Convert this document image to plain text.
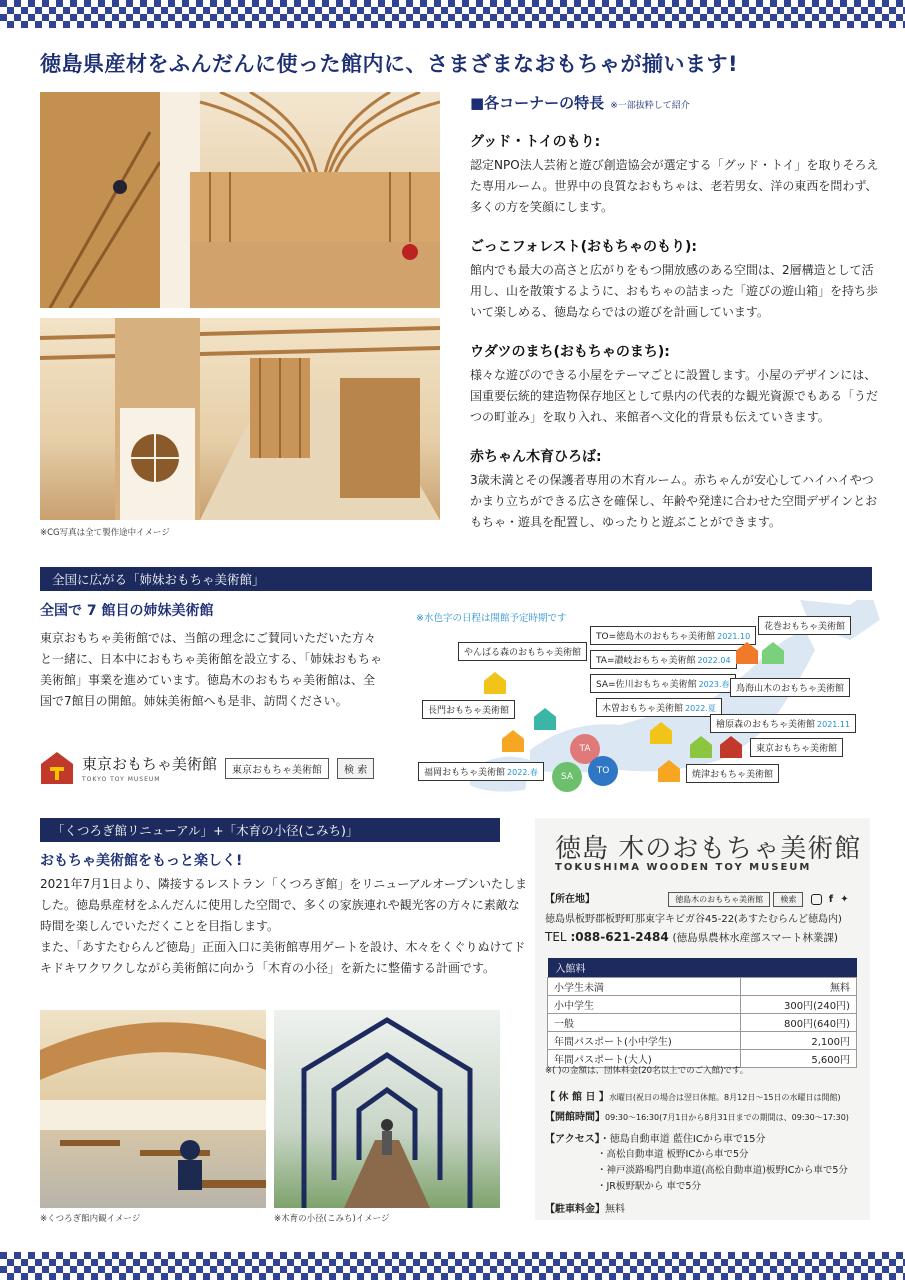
徳島県産材をふんだんに使った館内に、さまざまなおもちゃが揃います!
※CG写真は全て製作途中イメージ
■各コーナーの特長 ※一部抜粋して紹介
グッド・トイのもり:
認定NPO法人芸術と遊び創造協会が選定する「グッド・トイ」を取りそろえた専用ルーム。世界中の良質なおもちゃは、老若男女、洋の東西を問わず、多くの方を笑顔にします。
ごっこフォレスト(おもちゃのもり):
館内でも最大の高さと広がりをもつ開放感のある空間は、2層構造として活用し、山を散策するように、おもちゃの詰まった「遊びの遊山箱」を持ち歩いて楽しめる、徳島ならではの遊びを計画しています。
ウダツのまち(おもちゃのまち):
様々な遊びのできる小屋をテーマごとに設置します。小屋のデザインには、国重要伝統的建造物保存地区として県内の代表的な観光資源でもある「うだつの町並み」を取り入れ、来館者へ文化的背景も伝えていきます。
赤ちゃん木育ひろば:
3歳未満とその保護者専用の木育ルーム。赤ちゃんが安心してハイハイやつかまり立ちができる広さを確保し、年齢や発達に合わせた空間デザインとおもちゃ・遊具を配置し、ゆったりと遊ぶことができます。
全国に広がる「姉妹おもちゃ美術館」
全国で 7 館目の姉妹美術館
東京おもちゃ美術館では、当館の理念にご賛同いただいた方々と一緒に、日本中におもちゃ美術館を設立する、「姉妹おもちゃ美術館」事業を進めています。徳島木のおもちゃ美術館は、全国で7館目の開館。姉妹美術館へも是非、訪問ください。
東京おもちゃ美術館
TOKYO TOY MUSEUM
東京おもちゃ美術館	検 索
※水色字の日程は開館予定時期です
TO=徳島木のおもちゃ美術館 2021.10
TA=讃岐おもちゃ美術館 2022.04
SA=佐川おもちゃ美術館 2023.春
やんばる森のおもちゃ美術館
長門おもちゃ美術館
福岡おもちゃ美術館 2022.春
TA
SA
TO
木曽おもちゃ美術館 2022.夏
花巻おもちゃ美術館
鳥海山木のおもちゃ美術館
檜原森のおもちゃ美術館 2021.11
東京おもちゃ美術館
焼津おもちゃ美術館
「くつろぎ館リニューアル」+「木育の小径(こみち)」
おもちゃ美術館をもっと楽しく!

2021年7月1日より、隣接するレストラン「くつろぎ館」をリニューアルオープンいたしました。徳島県産材をふんだんに使用した空間で、多くの家族連れや観光客の方々に素敵な時間を楽しんでいただくことを目指します。

また、「あすたむらんど徳島」正面入口に美術館専用ゲートを設け、木々をくぐりぬけてドキドキワクワクしながら美術館に向かう「木育の小径」を新たに整備する計画です。

※くつろぎ館内観イメージ	※木育の小径(こみち)イメージ
徳島 木のおもちゃ美術館
TOKUSHIMA WOODEN TOY MUSEUM
【所在地】	徳島木のおもちゃ美術館 検索	f ✦
徳島県板野郡板野町那東字キビガ谷45-22(あすたむらんど徳島内)
TEL :088-621-2484 (徳島県農林水産部スマート林業課)
入館料	
小学生未満	無料
小中学生	300円(240円)
一般	800円(640円)
年間パスポート(小中学生)	2,100円
年間パスポート(大人)	5,600円
※( )の金額は、団体料金(20名以上でのご入館)です。
【 休 館 日 】水曜日(祝日の場合は翌日休館。8月12日〜15日の水曜日は開館)
【開館時間】09:30〜16:30(7月1日から8月31日までの期間は、09:30〜17:30)
【アクセス】・徳島自動車道 藍住ICから車で15分
・高松自動車道 板野ICから車で5分
・神戸淡路鳴門自動車道(高松自動車道)板野ICから車で5分
・JR板野駅から 車で5分
【駐車料金】無料
